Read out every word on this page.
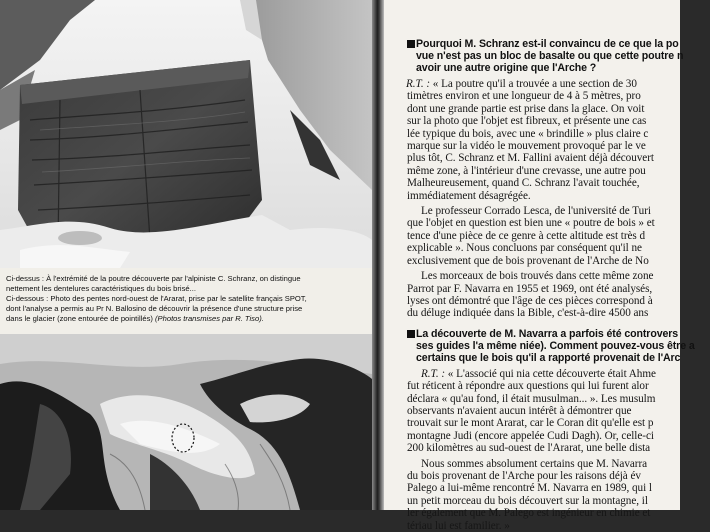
Ci-dessus : À l'extrémité de la poutre découverte par l'alpiniste C. Schranz, on distingue

nettement les dentelures caractéristiques du bois brisé...

Ci-dessous : Photo des pentes nord-ouest de l'Ararat, prise par le satellite français SPOT,

dont l'analyse a permis au Pr N. Ballosino de découvrir la présence d'une structure prise

dans le glacier (zone entourée de pointillés) (Photos transmises par R. Tiso).

Pourquoi M. Schranz est-il convaincu de ce que la po
vue n'est pas un bloc de basalte ou que cette poutre n
avoir une autre origine que l'Arche ?
R.T. : « La poutre qu'il a trouvée a une section de 30
timètres environ et une longueur de 4 à 5 mètres, pro
dont une grande partie est prise dans la glace. On voit
sur la photo que l'objet est fibreux, et présente une cas
lée typique du bois, avec une « brindille » plus claire c
marque sur la vidéo le mouvement provoqué par le ve
plus tôt, C. Schranz et M. Fallini avaient déjà découvert
même zone, à l'intérieur d'une crevasse, une autre pou
Malheureusement, quand C. Schranz l'avait touchée,
immédiatement désagrégée.
Le professeur Corrado Lesca, de l'université de Turi
que l'objet en question est bien une « poutre de bois » et
tence d'une pièce de ce genre à cette altitude est très d
explicable ». Nous concluons par conséquent qu'il ne
exclusivement que de bois provenant de l'Arche de No
Les morceaux de bois trouvés dans cette même zone
Parrot par F. Navarra en 1955 et 1969, ont été analysés,
lyses ont démontré que l'âge de ces pièces correspond à
du déluge indiquée dans la Bible, c'est-à-dire 4500 ans
La découverte de M. Navarra a parfois été controvers
ses guides l'a même niée). Comment pouvez-vous être a
certains que le bois qu'il a rapporté provenait de l'Arc
R.T. : « L'associé qui nia cette découverte était Ahme
fut réticent à répondre aux questions qui lui furent alor
déclara « qu'au fond, il était musulman... ». Les musulm
observants n'avaient aucun intérêt à démontrer que
trouvait sur le mont Ararat, car le Coran dit qu'elle est p
montagne Judi (encore appelée Cudi Dagh). Or, celle-ci
200 kilomètres au sud-ouest de l'Ararat, une belle dista
Nous sommes absolument certains que M. Navarra
du bois provenant de l'Arche pour les raisons déjà év
Palego a lui-même rencontré M. Navarra en 1989, qui l
un petit morceau du bois découvert sur la montagne, il
ler également que M. Palego est ingénieur en chimie et
tériau lui est familier. »
